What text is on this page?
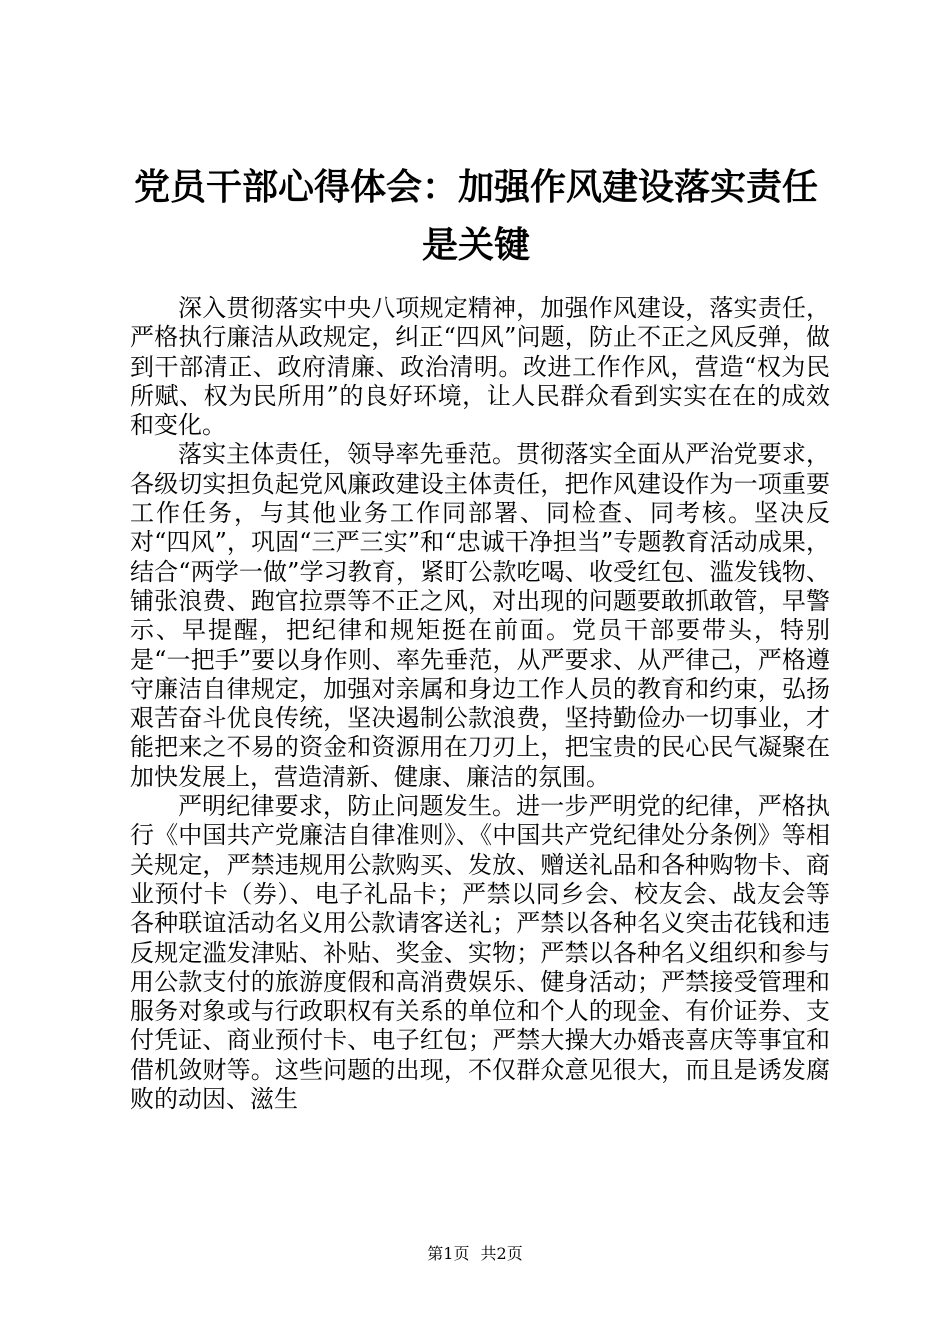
党员干部心得体会：加强作风建设落实责任是关键

深入贯彻落实中央八项规定精神，加强作风建设，落实责任，严格执行廉洁从政规定，纠正“四风”问题，防止不正之风反弹，做到干部清正、政府清廉、政治清明。改进工作作风，营造“权为民所赋、权为民所用”的良好环境，让人民群众看到实实在在的成效和变化。

落实主体责任，领导率先垂范。贯彻落实全面从严治党要求，各级切实担负起党风廉政建设主体责任，把作风建设作为一项重要工作任务，与其他业务工作同部署、同检查、同考核。坚决反对“四风”，巩固“三严三实”和“忠诚干净担当”专题教育活动成果，结合“两学一做”学习教育，紧盯公款吃喝、收受红包、滥发钱物、铺张浪费、跑官拉票等不正之风，对出现的问题要敢抓敢管，早警示、早提醒，把纪律和规矩挺在前面。党员干部要带头，特别是“一把手”要以身作则、率先垂范，从严要求、从严律己，严格遵守廉洁自律规定，加强对亲属和身边工作人员的教育和约束，弘扬艰苦奋斗优良传统，坚决遏制公款浪费，坚持勤俭办一切事业，才能把来之不易的资金和资源用在刀刃上，把宝贵的民心民气凝聚在加快发展上，营造清新、健康、廉洁的氛围。

严明纪律要求，防止问题发生。进一步严明党的纪律，严格执行《中国共产党廉洁自律准则》、《中国共产党纪律处分条例》等相关规定，严禁违规用公款购买、发放、赠送礼品和各种购物卡、商业预付卡（券）、电子礼品卡；严禁以同乡会、校友会、战友会等各种联谊活动名义用公款请客送礼；严禁以各种名义突击花钱和违反规定滥发津贴、补贴、奖金、实物；严禁以各种名义组织和参与用公款支付的旅游度假和高消费娱乐、健身活动；严禁接受管理和服务对象或与行政职权有关系的单位和个人的现金、有价证券、支付凭证、商业预付卡、电子红包；严禁大操大办婚丧喜庆等事宜和借机敛财等。这些问题的出现，不仅群众意见很大，而且是诱发腐败的动因、滋生

第1页 共2页
